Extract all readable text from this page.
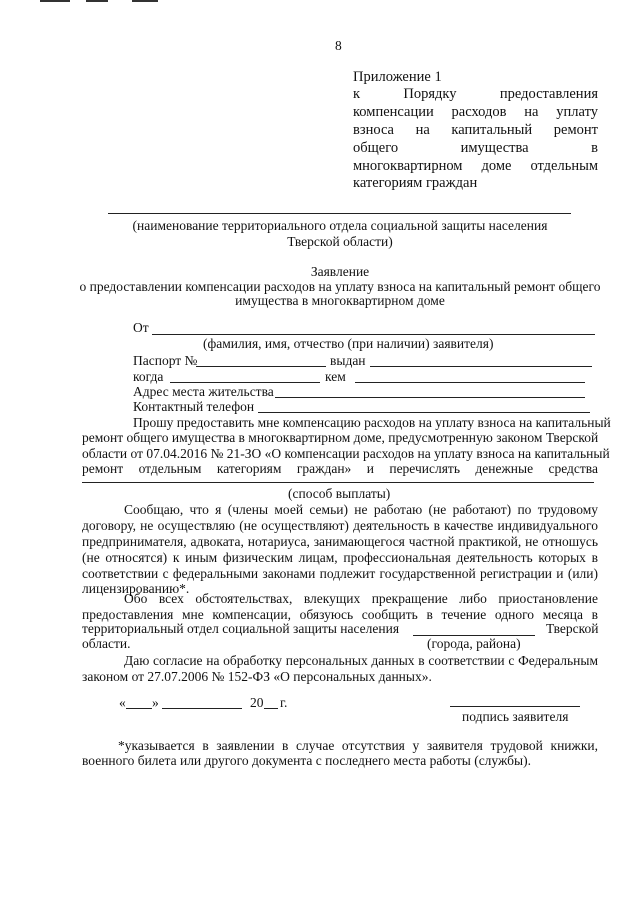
8
Приложение 1
к Порядку предоставления
компенсации расходов на уплату
взноса на капитальный ремонт
общего имущества в
многоквартирном доме отдельным
категориям граждан
(наименование территориального отдела социальной защиты населения
Тверской области)
Заявление
о предоставлении компенсации расходов на уплату взноса на капитальный ремонт общего
имущества в многоквартирном доме
От
(фамилия, имя, отчество (при наличии) заявителя)
Паспорт №	выдан
когда	кем
Адрес места жительства
Контактный телефон
Прошу предоставить мне компенсацию расходов на уплату взноса на капитальный
ремонт общего имущества в многоквартирном доме, предусмотренную законом Тверской
области от 07.04.2016 № 21-ЗО «О компенсации расходов на уплату взноса на капитальный
ремонт отдельным категориям граждан» и перечислять денежные средства
(способ выплаты)
Сообщаю, что я (члены моей семьи) не работаю (не работают) по трудовому
договору, не осуществляю (не осуществляют) деятельность в качестве индивидуального
предпринимателя, адвоката, нотариуса, занимающегося частной практикой, не отношусь
(не относятся) к иным физическим лицам, профессиональная деятельность которых в
соответствии с федеральными законами подлежит государственной регистрации и (или)
лицензированию*.
Обо всех обстоятельствах, влекущих прекращение либо приостановление
предоставления мне компенсации, обязуюсь сообщить в течение одного месяца в
территориальный отдел социальной защиты населения	Тверской
области.	(города, района)
Даю согласие на обработку персональных данных в соответствии с Федеральным
законом от 27.07.2006 № 152-ФЗ «О персональных данных».
« »	20 г.
подпись заявителя
*указывается в заявлении в случае отсутствия у заявителя трудовой книжки,
военного билета или другого документа с последнего места работы (службы).
